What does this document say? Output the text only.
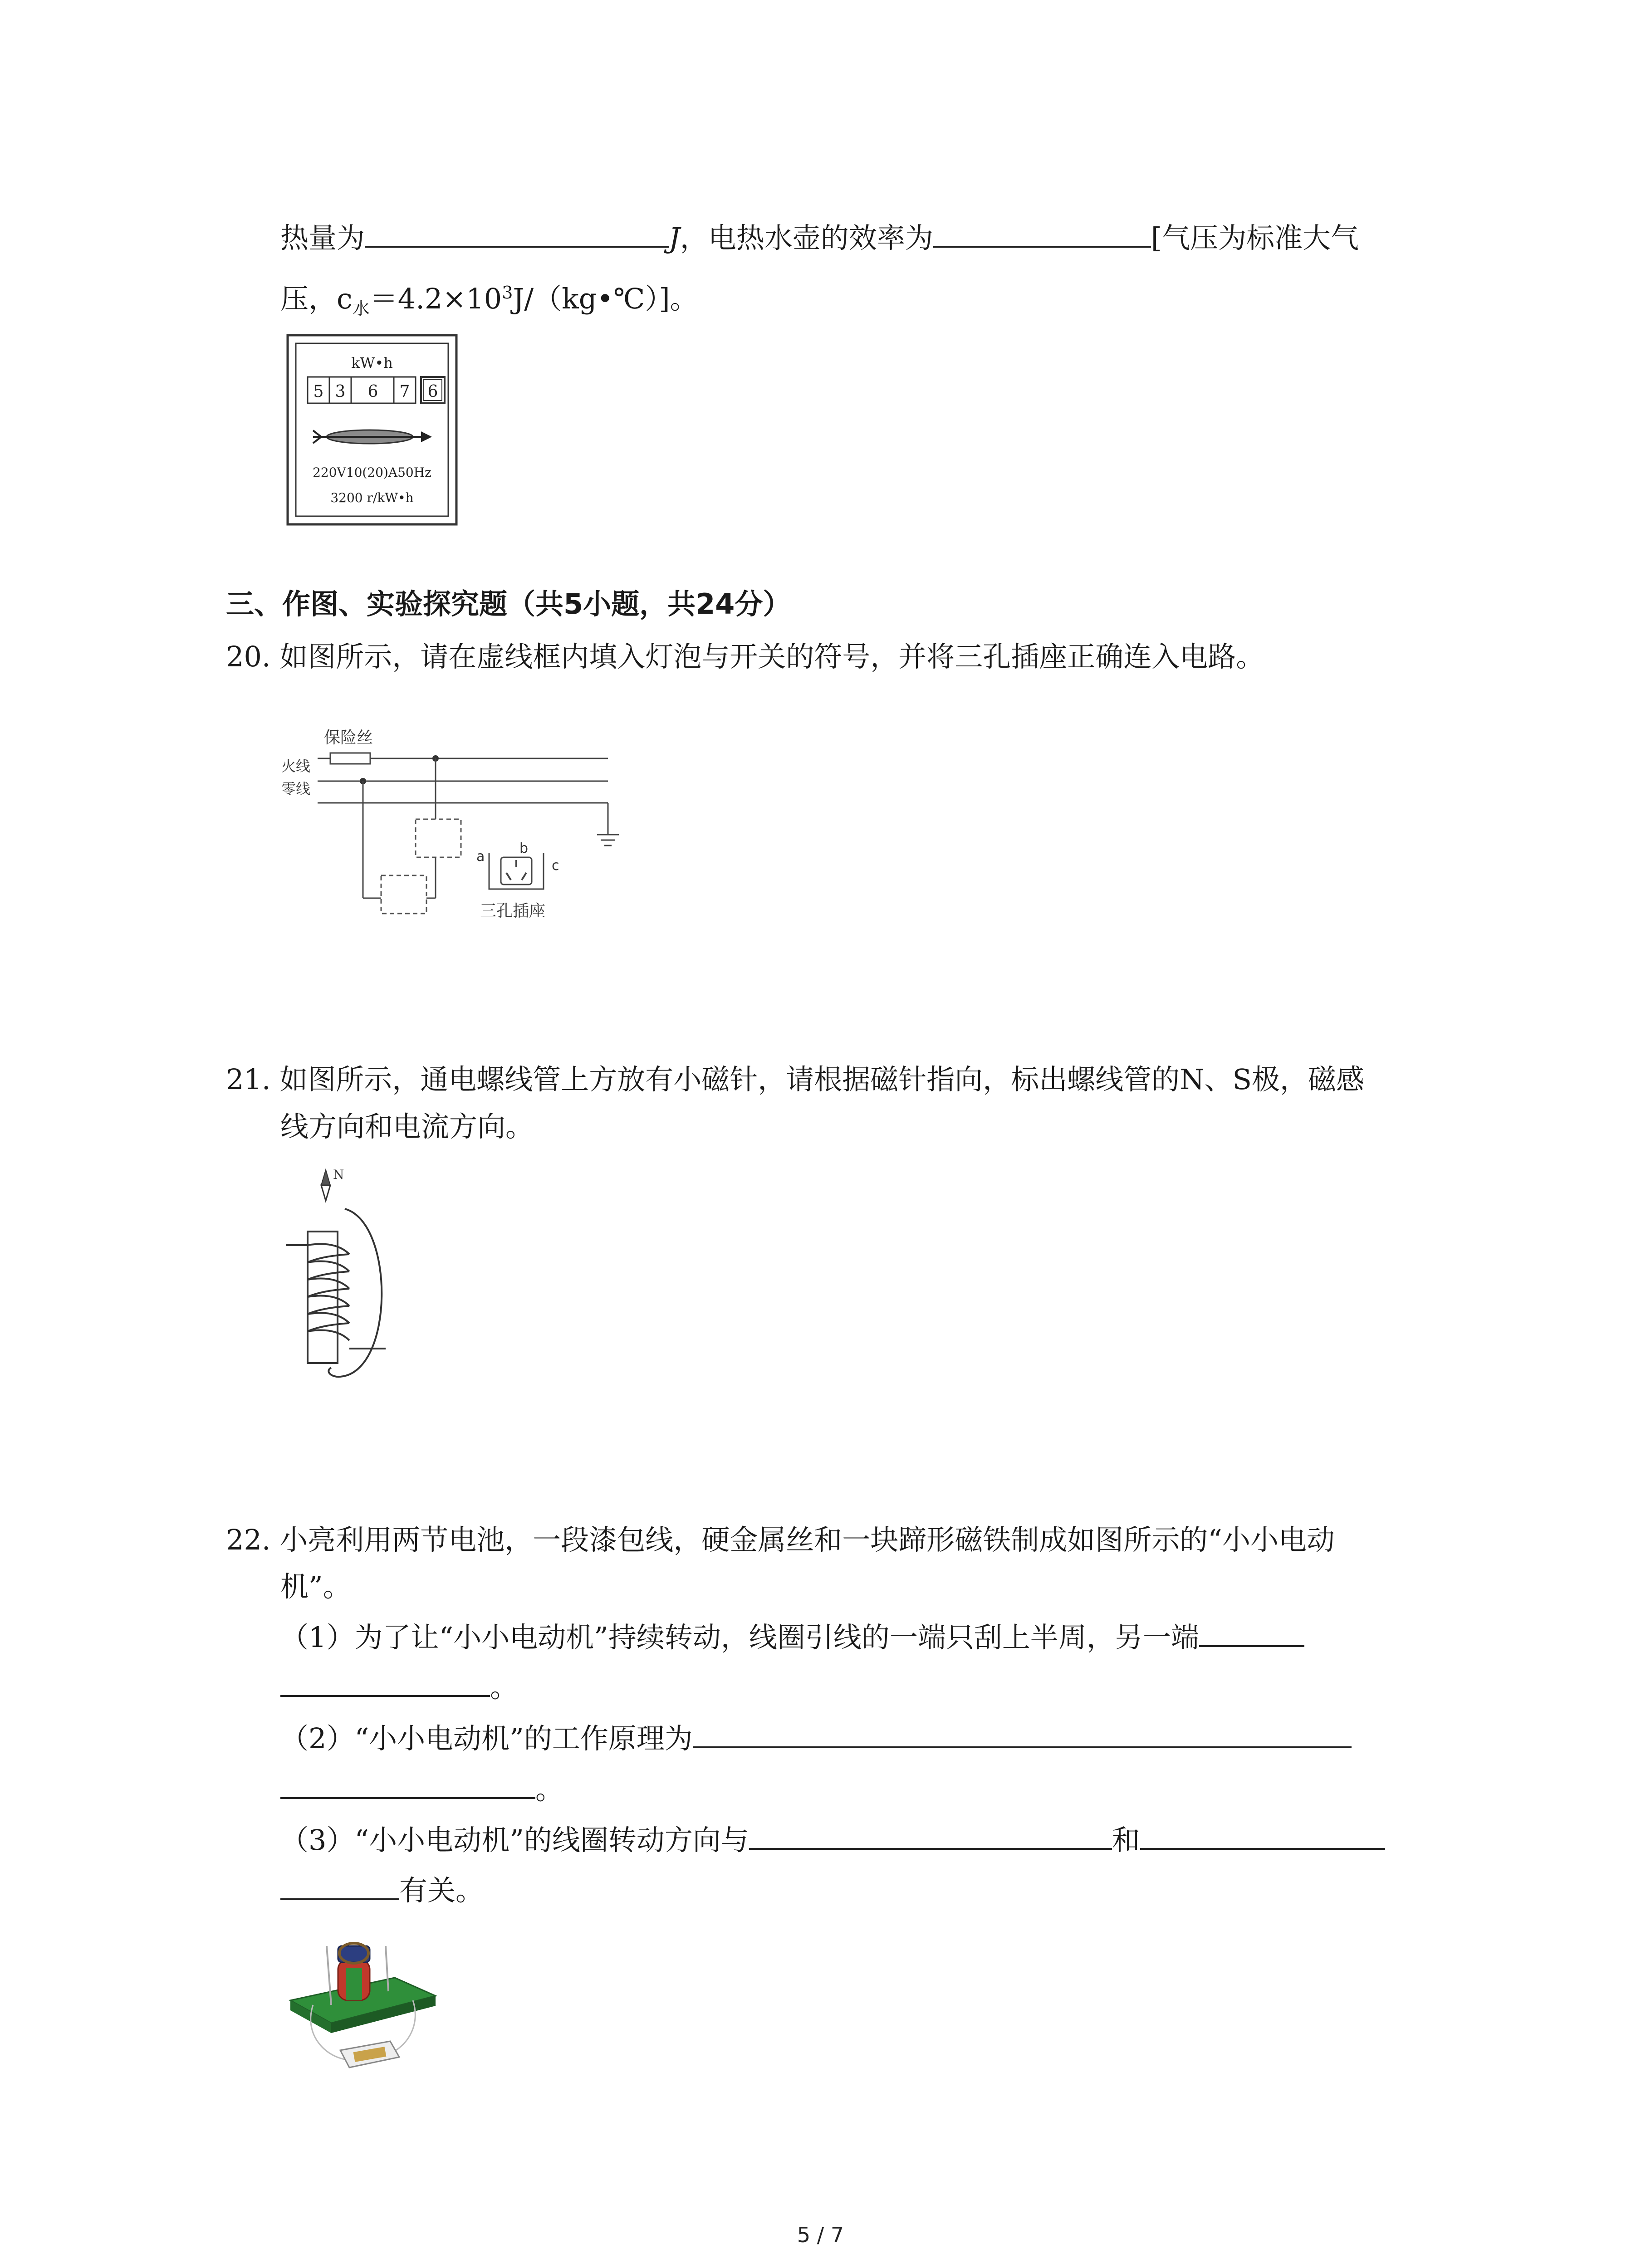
热量为	J，电热水壶的效率为	[气压为标准大气
压，$c_水=4.2\times 10^3J/(kg•℃)$]。
kW•h
5 3 6 7 6
220V10(20)A50Hz
3200 r/kW•h
三、作图、实验探究题（共5小题，共24分）
20. 如图所示，请在虚线框内填入灯泡与开关的符号，并将三孔插座正确连入电路。
保险丝
火线
零线
a
b
c
三孔插座
21. 如图所示，通电螺线管上方放有小磁针，请根据磁针指向，标出螺线管的N、S极，磁感
线方向和电流方向。
N
22. 小亮利用两节电池，一段漆包线，硬金属丝和一块蹄形磁铁制成如图所示的“小小电动
机”。
（1）为了让“小小电动机”持续转动，线圈引线的一端只刮上半周，另一端
。
（2）“小小电动机”的工作原理为
。
（3）“小小电动机”的线圈转动方向与	和
有关。
5 / 7
